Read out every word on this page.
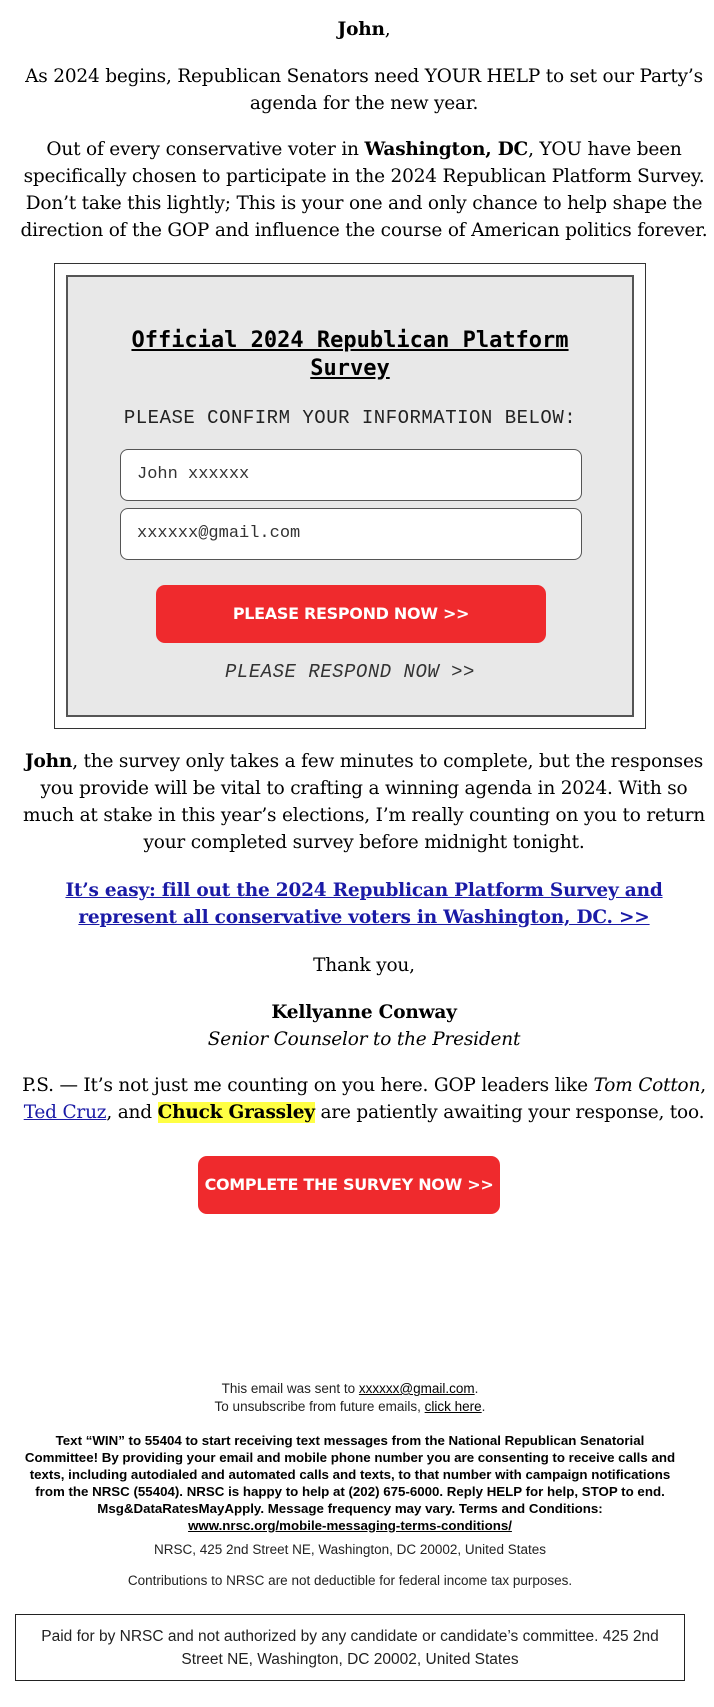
John,
As 2024 begins, Republican Senators need YOUR HELP to set our Party’s agenda for the new year.
Out of every conservative voter in Washington, DC, YOU have been specifically chosen to participate in the 2024 Republican Platform Survey. Don’t take this lightly; This is your one and only chance to help shape the direction of the GOP and influence the course of American politics forever.
Official 2024 Republican Platform Survey
PLEASE CONFIRM YOUR INFORMATION BELOW:
John xxxxxx
xxxxxx@gmail.com
PLEASE RESPOND NOW >>
PLEASE RESPOND NOW >>
John, the survey only takes a few minutes to complete, but the responses you provide will be vital to crafting a winning agenda in 2024. With so much at stake in this year’s elections, I’m really counting on you to return your completed survey before midnight tonight.
It’s easy: fill out the 2024 Republican Platform Survey and represent all conservative voters in Washington, DC. >>
Thank you,
Kellyanne Conway
Senior Counselor to the President
P.S. — It’s not just me counting on you here. GOP leaders like Tom Cotton,
Ted Cruz, and Chuck Grassley are patiently awaiting your response, too.
COMPLETE THE SURVEY NOW >>
This email was sent to xxxxxx@gmail.com.
To unsubscribe from future emails, click here.
Text “WIN” to 55404 to start receiving text messages from the National Republican Senatorial Committee! By providing your email and mobile phone number you are consenting to receive calls and texts, including autodialed and automated calls and texts, to that number with campaign notifications from the NRSC (55404). NRSC is happy to help at (202) 675-6000. Reply HELP for help, STOP to end. Msg&DataRatesMayApply. Message frequency may vary. Terms and Conditions:
www.nrsc.org/mobile-messaging-terms-conditions/
NRSC, 425 2nd Street NE, Washington, DC 20002, United States
Contributions to NRSC are not deductible for federal income tax purposes.
Paid for by NRSC and not authorized by any candidate or candidate’s committee. 425 2nd Street NE, Washington, DC 20002, United States
